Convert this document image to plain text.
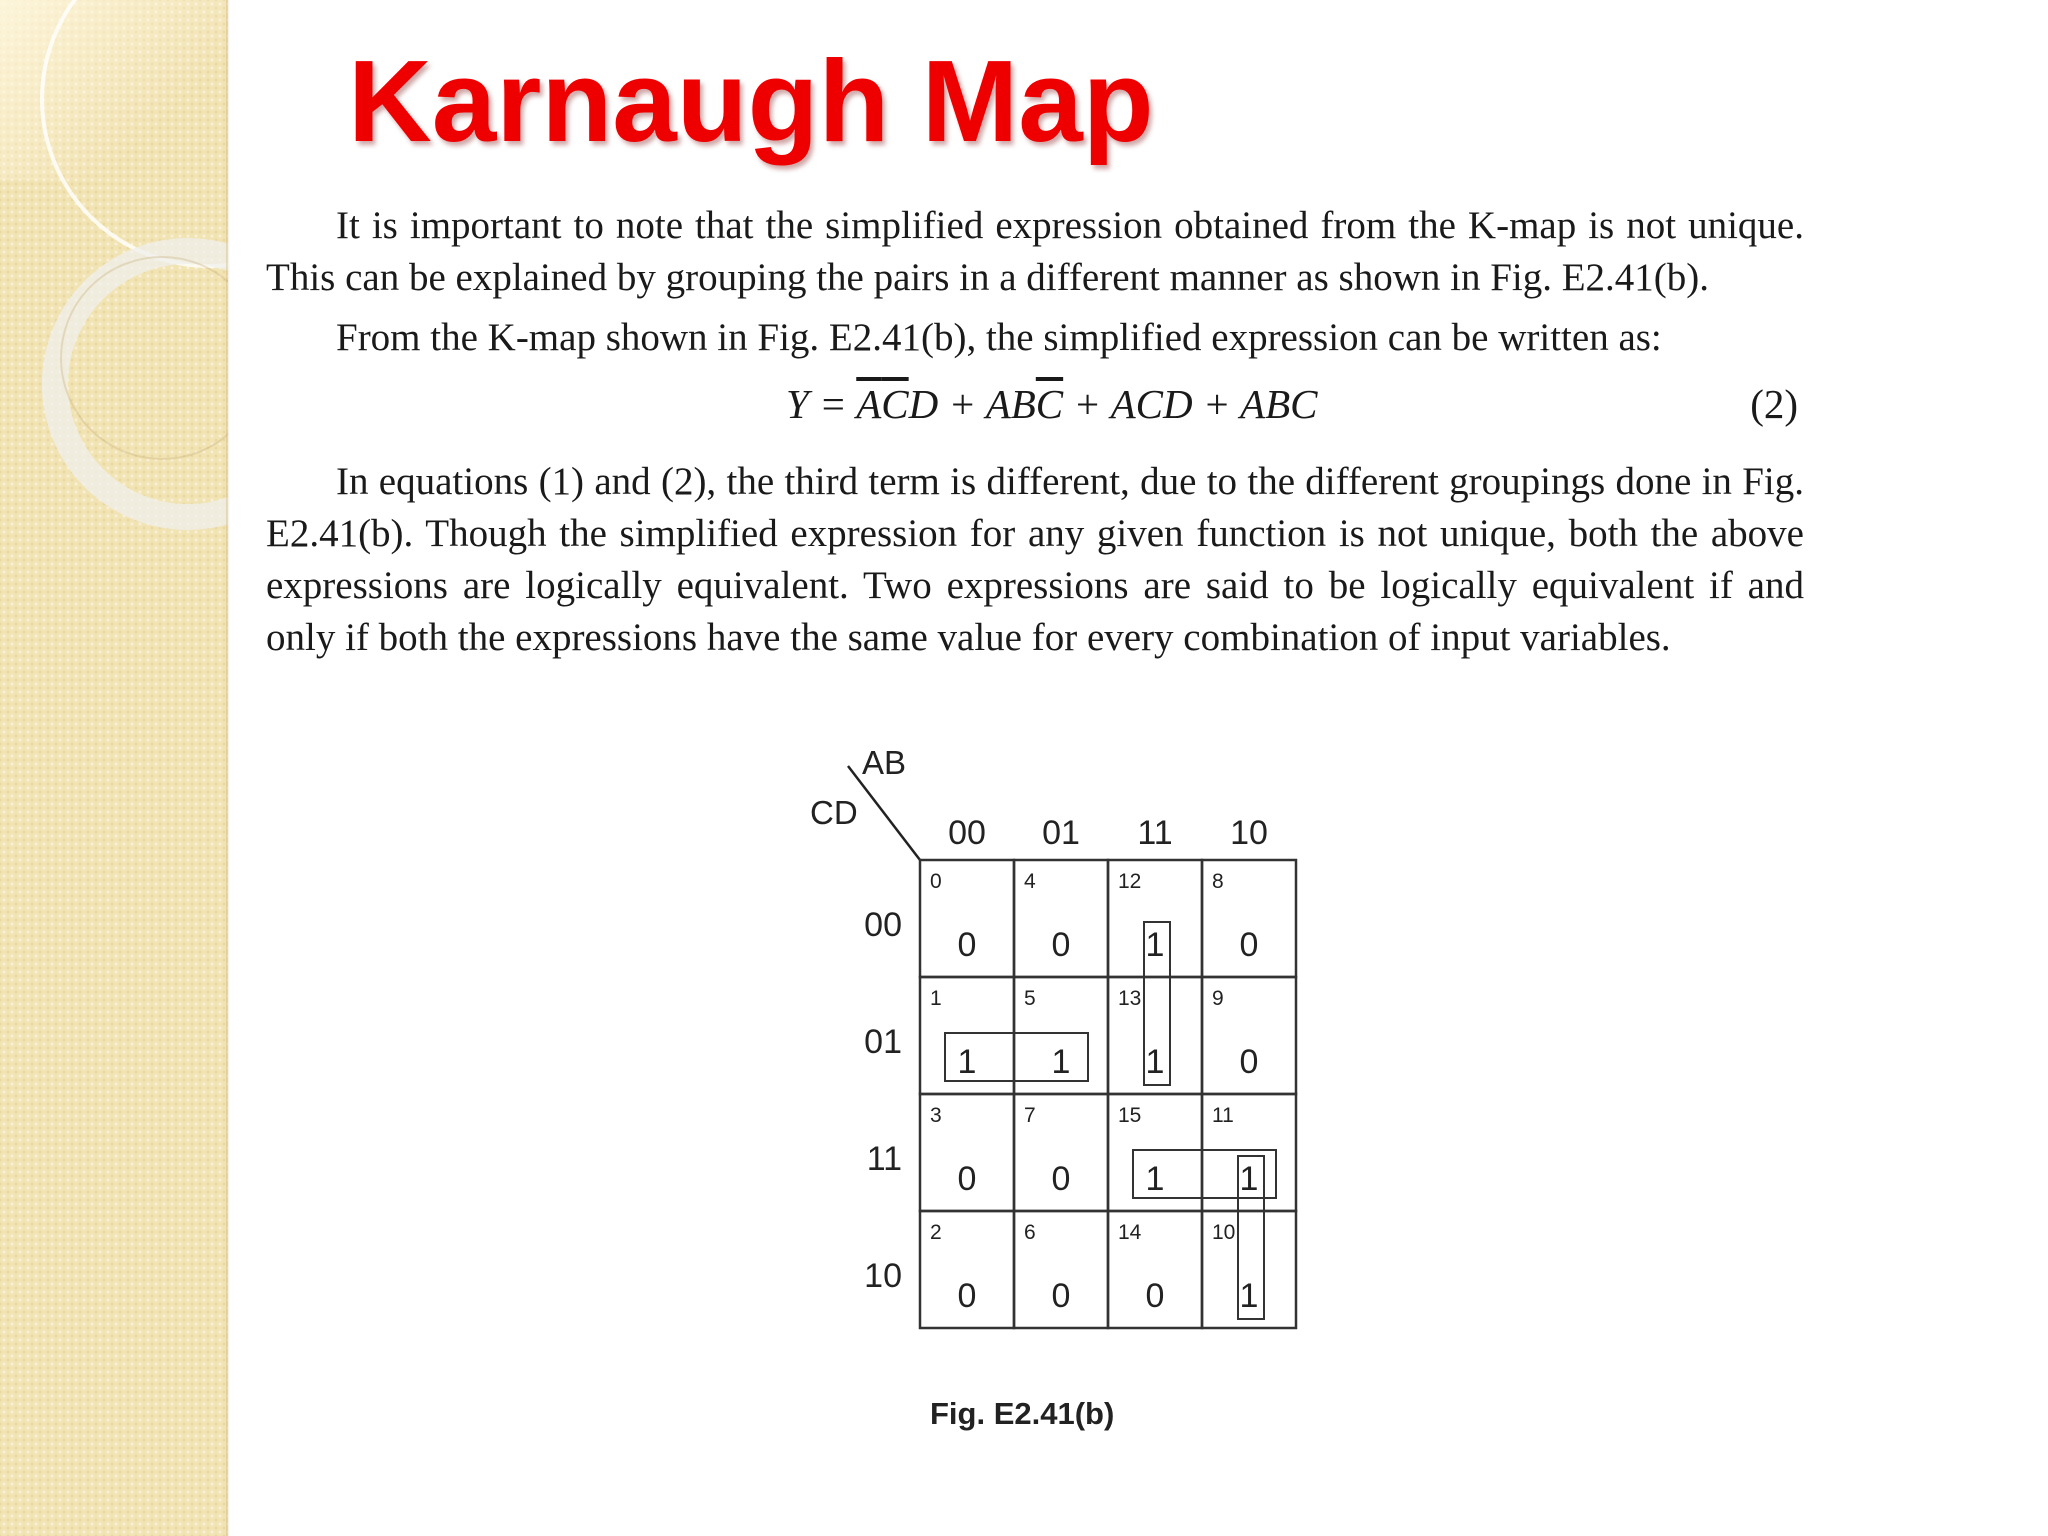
Karnaugh Map

It is important to note that the simplified expression obtained from the K-map is not unique. This can be explained by grouping the pairs in a different manner as shown in Fig. E2.41(b).

From the K-map shown in Fig. E2.41(b), the simplified expression can be written as:

$Y = \overline{A}\overline{C}D + AB\overline{C}$ + ACD + ABC	(2)

In equations (1) and (2), the third term is different, due to the different groupings done in Fig. E2.41(b). Though the simplified expression for any given function is not unique, both the above expressions are logically equivalent. Two expressions are said to be logically equivalent if and only if both the expressions have the same value for every combination of input variables.

AB
CD
00 01 11 10
00
01
11
10
0
0
4
0
12
1
8
0
1
1
5
1
13
1
9
0
3
0
7
0
15
1
11
1
2
0
6
0
14
0
10
1
Fig. E2.41(b)
